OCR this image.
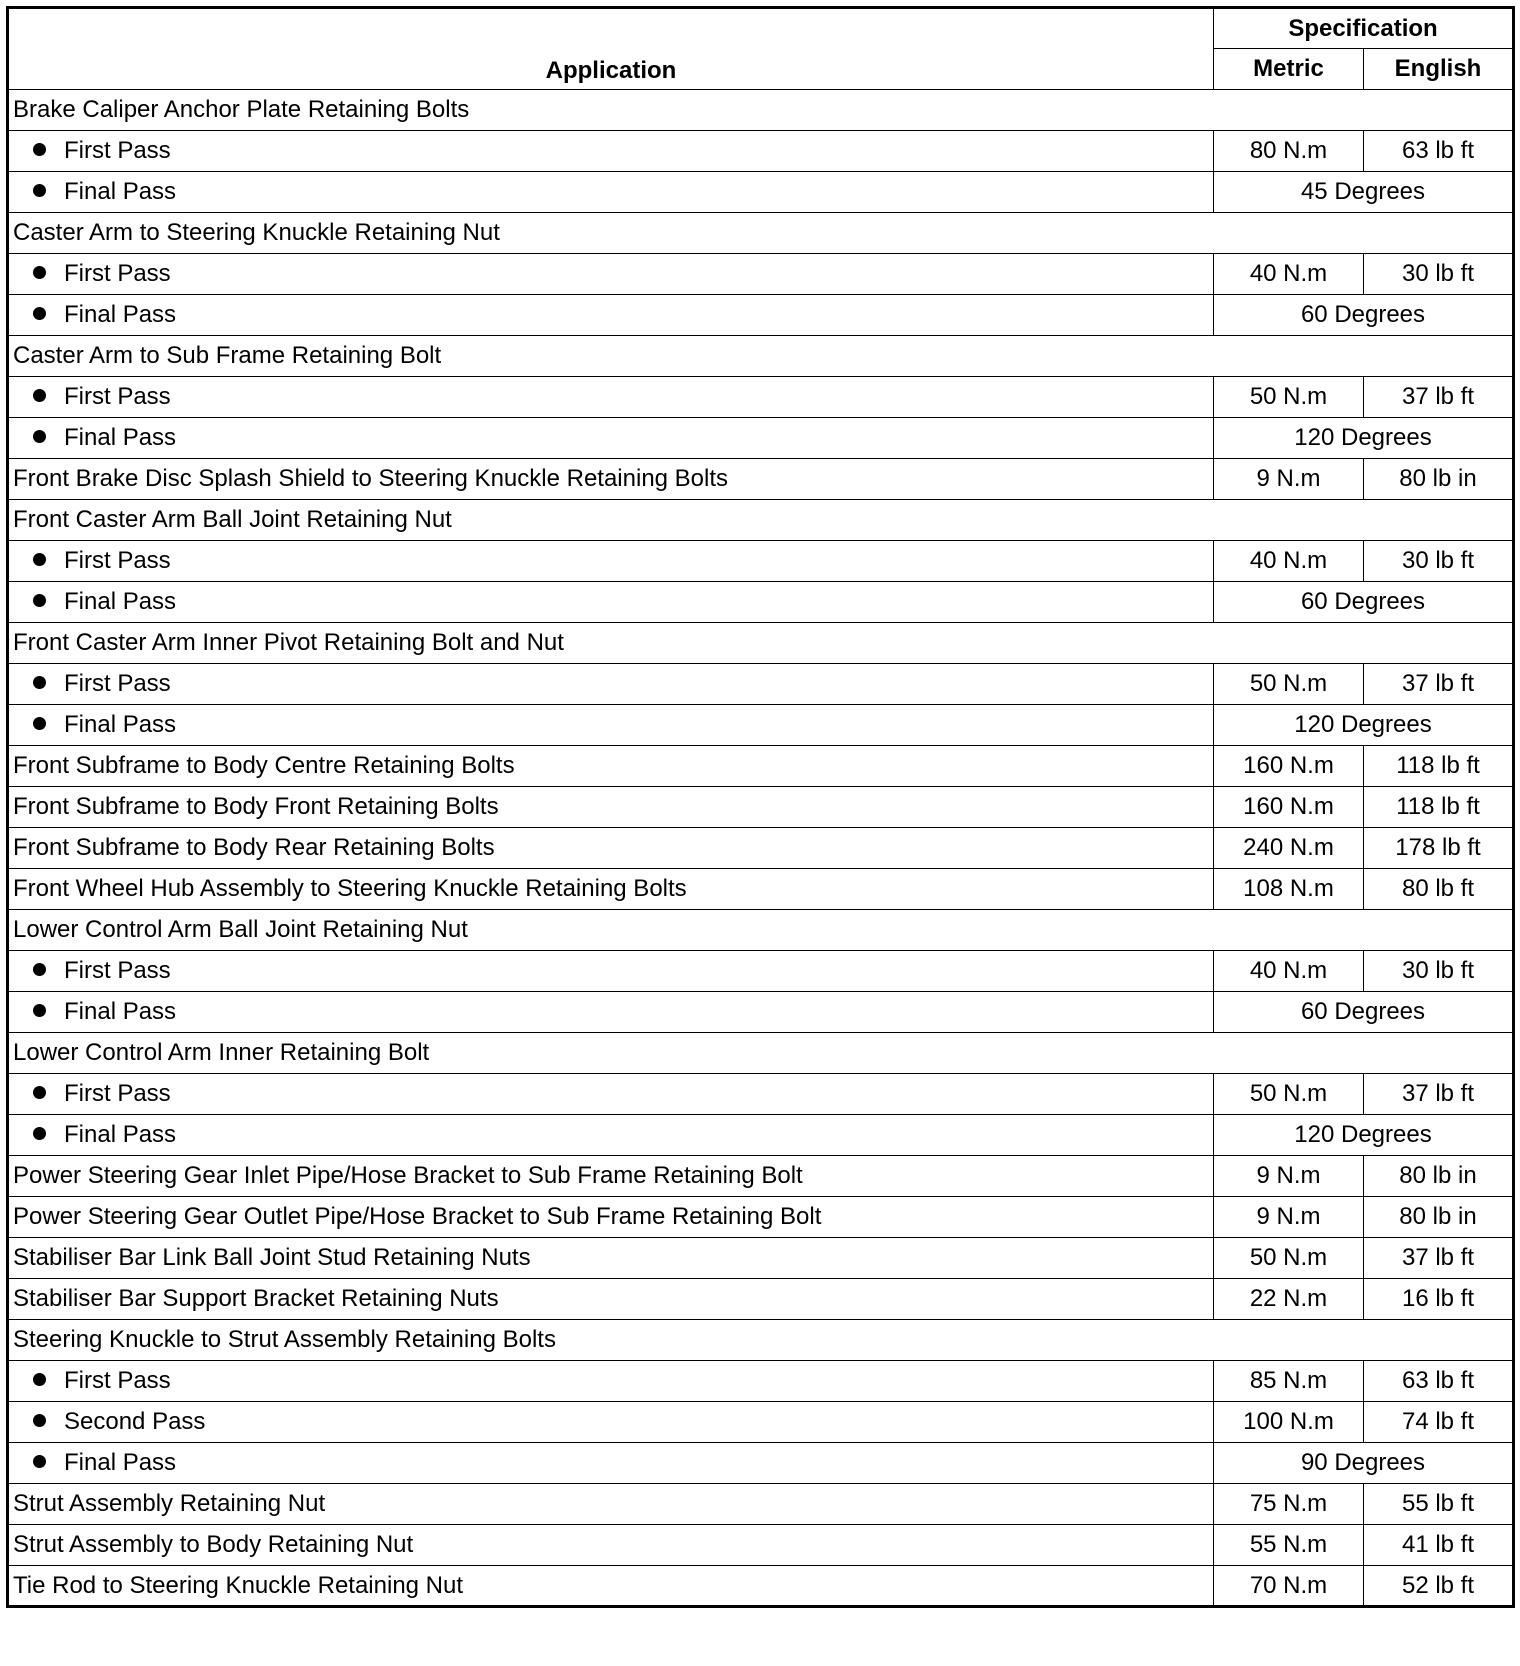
Application	Specification	
	Metric	English
Brake Caliper Anchor Plate Retaining Bolts		
First Pass	80 N.m	63 lb ft
Final Pass	45 Degrees	
Caster Arm to Steering Knuckle Retaining Nut		
First Pass	40 N.m	30 lb ft
Final Pass	60 Degrees	
Caster Arm to Sub Frame Retaining Bolt		
First Pass	50 N.m	37 lb ft
Final Pass	120 Degrees	
Front Brake Disc Splash Shield to Steering Knuckle Retaining Bolts	9 N.m	80 lb in
Front Caster Arm Ball Joint Retaining Nut		
First Pass	40 N.m	30 lb ft
Final Pass	60 Degrees	
Front Caster Arm Inner Pivot Retaining Bolt and Nut		
First Pass	50 N.m	37 lb ft
Final Pass	120 Degrees	
Front Subframe to Body Centre Retaining Bolts	160 N.m	118 lb ft
Front Subframe to Body Front Retaining Bolts	160 N.m	118 lb ft
Front Subframe to Body Rear Retaining Bolts	240 N.m	178 lb ft
Front Wheel Hub Assembly to Steering Knuckle Retaining Bolts	108 N.m	80 lb ft
Lower Control Arm Ball Joint Retaining Nut		
First Pass	40 N.m	30 lb ft
Final Pass	60 Degrees	
Lower Control Arm Inner Retaining Bolt		
First Pass	50 N.m	37 lb ft
Final Pass	120 Degrees	
Power Steering Gear Inlet Pipe/Hose Bracket to Sub Frame Retaining Bolt	9 N.m	80 lb in
Power Steering Gear Outlet Pipe/Hose Bracket to Sub Frame Retaining Bolt	9 N.m	80 lb in
Stabiliser Bar Link Ball Joint Stud Retaining Nuts	50 N.m	37 lb ft
Stabiliser Bar Support Bracket Retaining Nuts	22 N.m	16 lb ft
Steering Knuckle to Strut Assembly Retaining Bolts		
First Pass	85 N.m	63 lb ft
Second Pass	100 N.m	74 lb ft
Final Pass	90 Degrees	
Strut Assembly Retaining Nut	75 N.m	55 lb ft
Strut Assembly to Body Retaining Nut	55 N.m	41 lb ft
Tie Rod to Steering Knuckle Retaining Nut	70 N.m	52 lb ft
